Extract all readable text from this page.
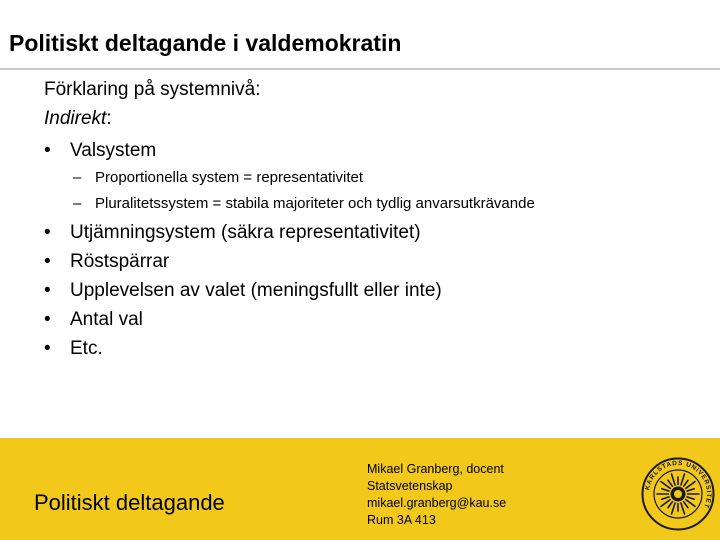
Politiskt deltagande i valdemokratin
Förklaring på systemnivå:
Indirekt:
• Valsystem
– Proportionella system = representativitet
– Pluralitetssystem = stabila majoriteter och tydlig anvarsutkrävande
• Utjämningsystem (säkra representativitet)
• Röstspärrar
• Upplevelsen av valet (meningsfullt eller inte)
• Antal val
• Etc.
Politiskt deltagande
Mikael Granberg, docent
Statsvetenskap
mikael.granberg@kau.se
Rum 3A 413
KARLSTADS UNIVERSITET
